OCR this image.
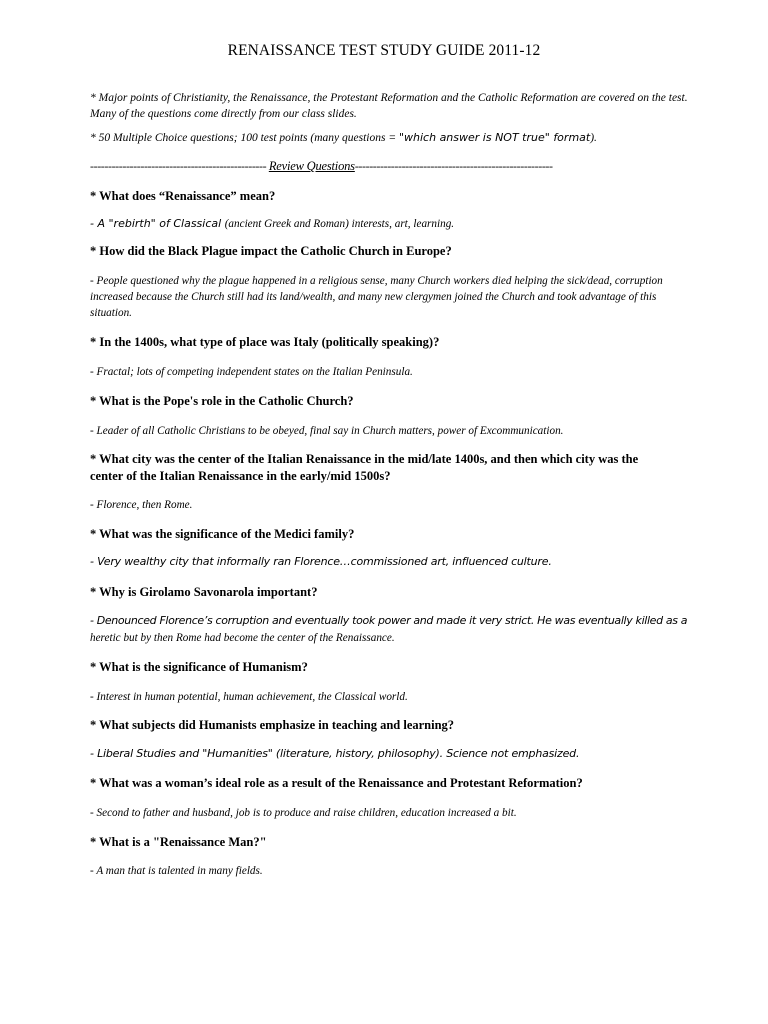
RENAISSANCE TEST STUDY GUIDE 2011-12
* Major points of Christianity, the Renaissance, the Protestant Reformation and the Catholic Reformation are covered on the test. Many of the questions come directly from our class slides.
* 50 Multiple Choice questions; 100 test points (many questions = "which answer is NOT true" format).
------------------------------------------------- Review Questions-------------------------------------------------------
* What does “Renaissance” mean?
- A "rebirth" of Classical (ancient Greek and Roman) interests, art, learning.
* How did the Black Plague impact the Catholic Church in Europe?
- People questioned why the plague happened in a religious sense, many Church workers died helping the sick/dead, corruption increased because the Church still had its land/wealth, and many new clergymen joined the Church and took advantage of this situation.
* In the 1400s, what type of place was Italy (politically speaking)?
- Fractal; lots of competing independent states on the Italian Peninsula.
* What is the Pope's role in the Catholic Church?
- Leader of all Catholic Christians to be obeyed, final say in Church matters, power of Excommunication.
* What city was the center of the Italian Renaissance in the mid/late 1400s, and then which city was the center of the Italian Renaissance in the early/mid 1500s?
- Florence, then Rome.
* What was the significance of the Medici family?
- Very wealthy city that informally ran Florence…commissioned art, influenced culture.
* Why is Girolamo Savonarola important?
- Denounced Florence’s corruption and eventually took power and made it very strict. He was eventually killed as a
heretic but by then Rome had become the center of the Renaissance.
* What is the significance of Humanism?
- Interest in human potential, human achievement, the Classical world.
* What subjects did Humanists emphasize in teaching and learning?
- Liberal Studies and "Humanities" (literature, history, philosophy). Science not emphasized.
* What was a woman’s ideal role as a result of the Renaissance and Protestant Reformation?
- Second to father and husband, job is to produce and raise children, education increased a bit.
* What is a "Renaissance Man?"
- A man that is talented in many fields.
